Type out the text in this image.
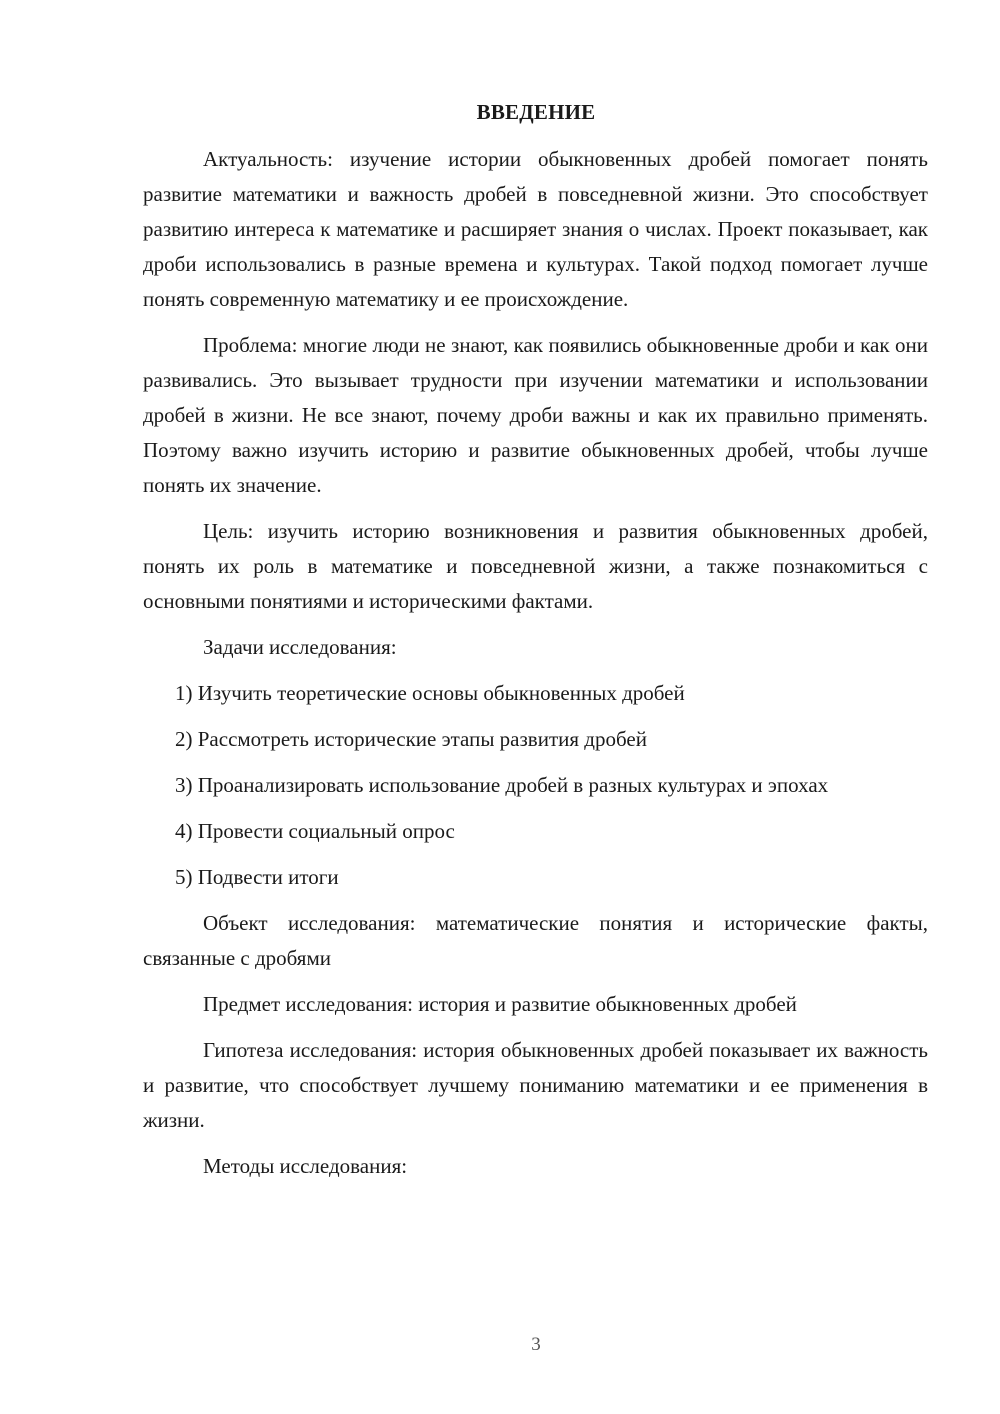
ВВЕДЕНИЕ

Актуальность: изучение истории обыкновенных дробей помогает понять развитие математики и важность дробей в повседневной жизни. Это способствует развитию интереса к математике и расширяет знания о числах. Проект показывает, как дроби использовались в разные времена и культурах. Такой подход помогает лучше понять современную математику и ее происхождение.

Проблема: многие люди не знают, как появились обыкновенные дроби и как они развивались. Это вызывает трудности при изучении математики и использовании дробей в жизни. Не все знают, почему дроби важны и как их правильно применять. Поэтому важно изучить историю и развитие обыкновенных дробей, чтобы лучше понять их значение.

Цель: изучить историю возникновения и развития обыкновенных дробей, понять их роль в математике и повседневной жизни, а также познакомиться с основными понятиями и историческими фактами.

Задачи исследования:

1) Изучить теоретические основы обыкновенных дробей

2) Рассмотреть исторические этапы развития дробей

3) Проанализировать использование дробей в разных культурах и эпохах

4) Провести социальный опрос

5) Подвести итоги

Объект исследования: математические понятия и исторические факты, связанные с дробями

Предмет исследования: история и развитие обыкновенных дробей

Гипотеза исследования: история обыкновенных дробей показывает их важность и развитие, что способствует лучшему пониманию математики и ее применения в жизни.

Методы исследования:

3
